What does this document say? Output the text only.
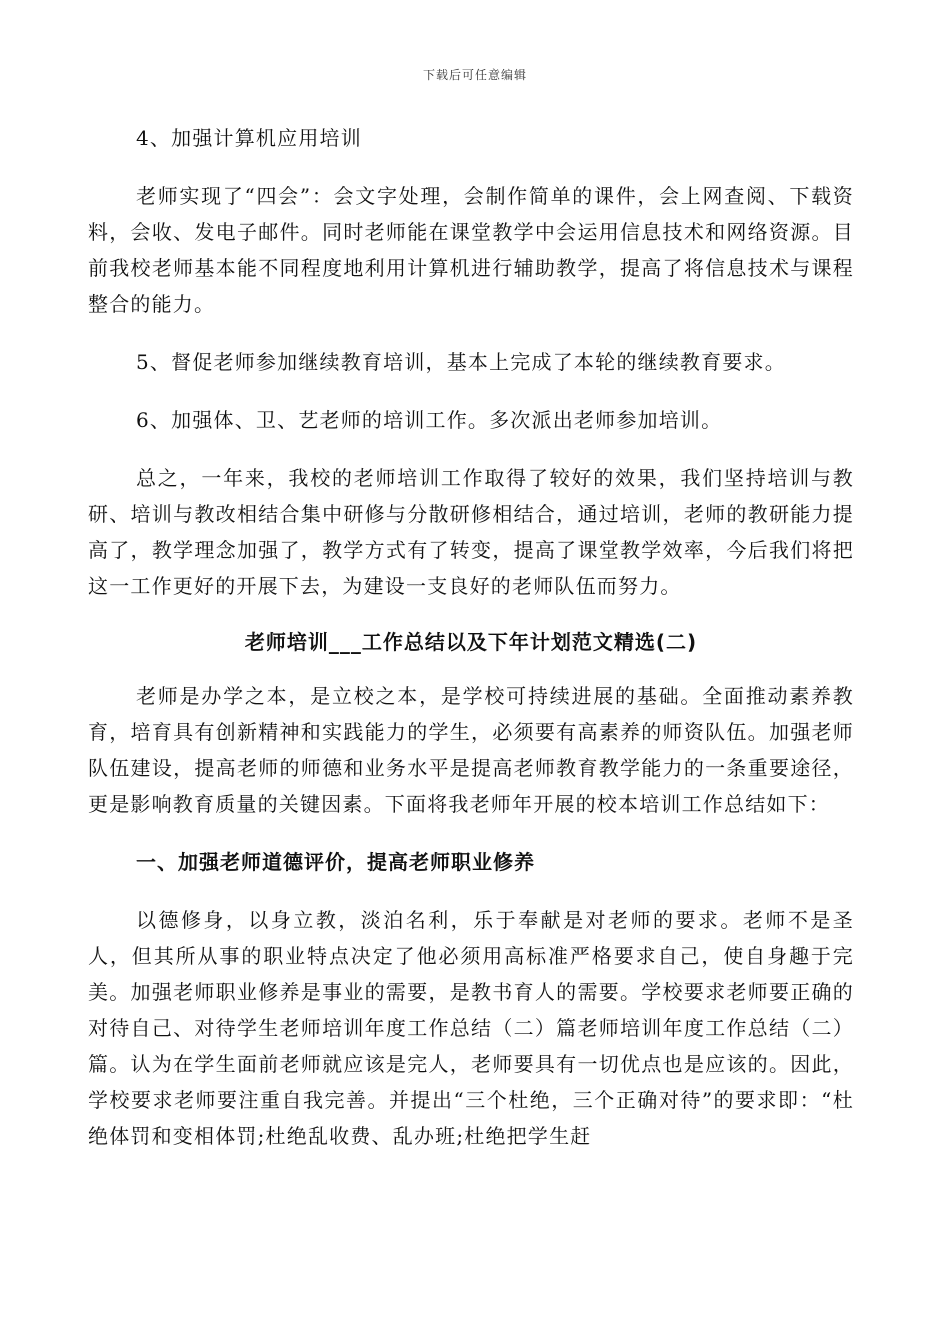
下载后可任意编辑

4、加强计算机应用培训

老师实现了“四会”：会文字处理，会制作简单的课件，会上网查阅、下载资料，会收、发电子邮件。同时老师能在课堂教学中会运用信息技术和网络资源。目前我校老师基本能不同程度地利用计算机进行辅助教学，提高了将信息技术与课程整合的能力。

5、督促老师参加继续教育培训，基本上完成了本轮的继续教育要求。

6、加强体、卫、艺老师的培训工作。多次派出老师参加培训。

总之，一年来，我校的老师培训工作取得了较好的效果，我们坚持培训与教研、培训与教改相结合集中研修与分散研修相结合，通过培训，老师的教研能力提高了，教学理念加强了，教学方式有了转变，提高了课堂教学效率，今后我们将把这一工作更好的开展下去，为建设一支良好的老师队伍而努力。

老师培训___工作总结以及下年计划范文精选(二)

老师是办学之本，是立校之本，是学校可持续进展的基础。全面推动素养教育，培育具有创新精神和实践能力的学生，必须要有高素养的师资队伍。加强老师队伍建设，提高老师的师德和业务水平是提高老师教育教学能力的一条重要途径，更是影响教育质量的关键因素。下面将我老师年开展的校本培训工作总结如下：

一、加强老师道德评价，提高老师职业修养

以德修身，以身立教，淡泊名利，乐于奉献是对老师的要求。老师不是圣人，但其所从事的职业特点决定了他必须用高标准严格要求自己，使自身趣于完美。加强老师职业修养是事业的需要，是教书育人的需要。学校要求老师要正确的对待自己、对待学生老师培训年度工作总结（二）篇老师培训年度工作总结（二）篇。认为在学生面前老师就应该是完人，老师要具有一切优点也是应该的。因此，学校要求老师要注重自我完善。并提出“三个杜绝，三个正确对待”的要求即：“杜绝体罚和变相体罚;杜绝乱收费、乱办班;杜绝把学生赶
